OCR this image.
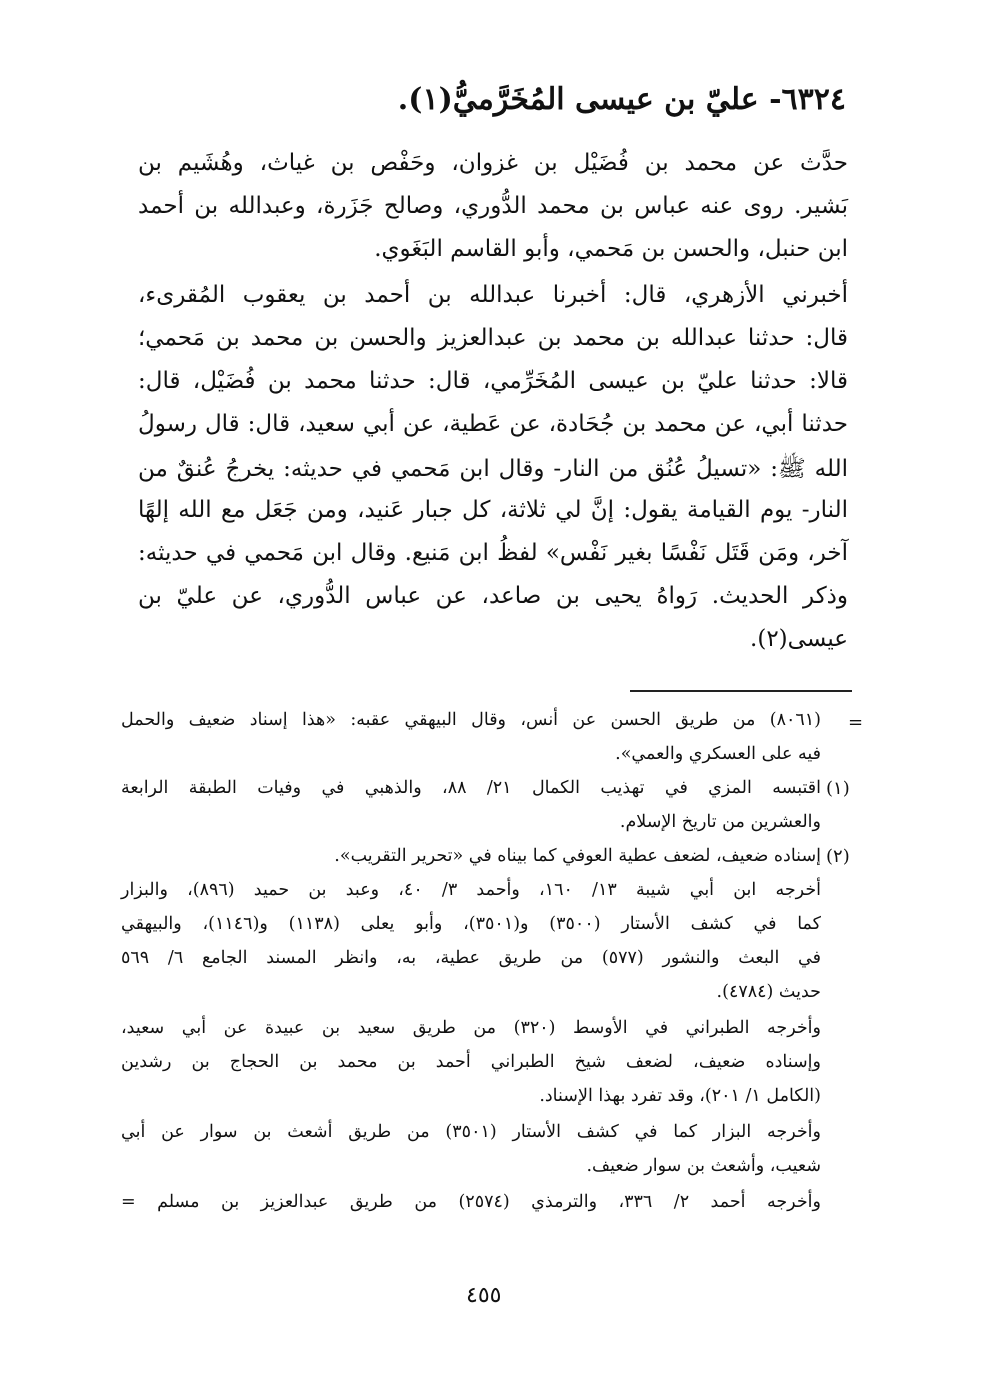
٦٣٢٤- عليّ بن عيسى المُخَرَّميُّ(١).
حدَّث عن محمد بن فُضَيْل بن غزوان، وحَفْص بن غياث، وهُشَيم بن
بَشير. روى عنه عباس بن محمد الدُّوري، وصالح جَزَرة، وعبدالله بن أحمد
ابن حنبل، والحسن بن مَحمي، وأبو القاسم البَغَوي.
أخبرني الأزهري، قال: أخبرنا عبدالله بن أحمد بن يعقوب المُقرىء،
قال: حدثنا عبدالله بن محمد بن عبدالعزيز والحسن بن محمد بن مَحمي؛
قالا: حدثنا عليّ بن عيسى المُخَرِّمي، قال: حدثنا محمد بن فُضَيْل، قال:
حدثنا أبي، عن محمد بن جُحَادة، عن عَطية، عن أبي سعيد، قال: قال رسولُ
الله ﷺ: «تسيلُ عُنُق من النار- وقال ابن مَحمي في حديثه: يخرجُ عُنقٌ من
النار- يوم القيامة يقول: إنَّ لي ثلاثة، كل جبار عَنيد، ومن جَعَل مع الله إلهًا
آخر، ومَن قَتَل نَفْسًا بغير نَفْس» لفظُ ابن مَنيع. وقال ابن مَحمي في حديثه:
وذكر الحديث. رَواهُ يحيى بن صاعد، عن عباس الدُّوري، عن عليّ بن
عيسى(٢).
=
(٨٠٦١) من طريق الحسن عن أنس، وقال البيهقي عقبه: «هذا إسناد ضعيف والحمل
فيه على العسكري والعمي».
(١)
اقتبسه المزي في تهذيب الكمال ٢١/ ٨٨، والذهبي في وفيات الطبقة الرابعة
والعشرين من تاريخ الإسلام.
(٢)
إسناده ضعيف، لضعف عطية العوفي كما بيناه في «تحرير التقريب».
أخرجه ابن أبي شيبة ١٣/ ١٦٠، وأحمد ٣/ ٤٠، وعبد بن حميد (٨٩٦)، والبزار
كما في كشف الأستار (٣٥٠٠) و(٣٥٠١)، وأبو يعلى (١١٣٨) و(١١٤٦)، والبيهقي
في البعث والنشور (٥٧٧) من طريق عطية، به، وانظر المسند الجامع ٦/ ٥٦٩
حديث (٤٧٨٤).
وأخرجه الطبراني في الأوسط (٣٢٠) من طريق سعيد بن عبيدة عن أبي سعيد،
وإسناده ضعيف، لضعف شيخ الطبراني أحمد بن محمد بن الحجاج بن رشدين
(الكامل ١/ ٢٠١)، وقد تفرد بهذا الإسناد.
وأخرجه البزار كما في كشف الأستار (٣٥٠١) من طريق أشعث بن سوار عن أبي
شعيب، وأشعث بن سوار ضعيف.
وأخرجه أحمد ٢/ ٣٣٦، والترمذي (٢٥٧٤) من طريق عبدالعزيز بن مسلم =
٤٥٥
